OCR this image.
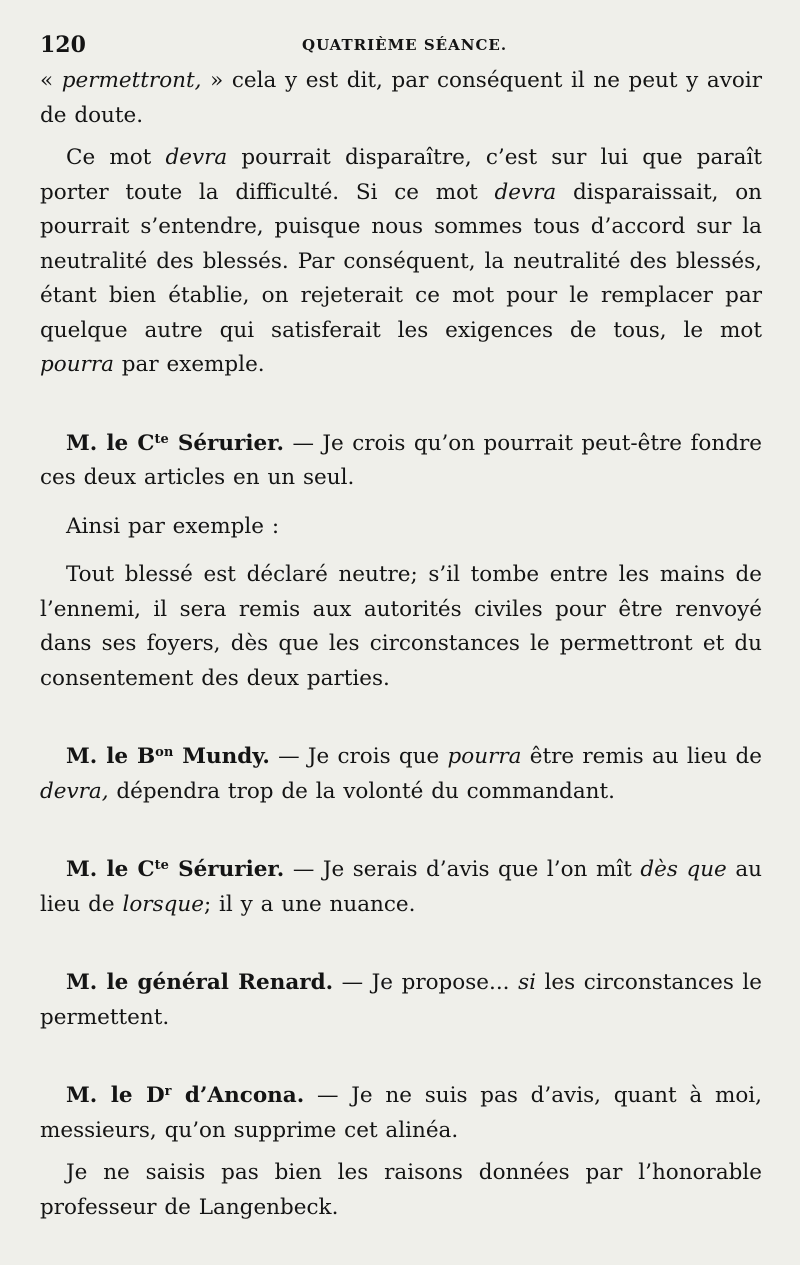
120	QUATRIÈME SÉANCE.

« permettront, » cela y est dit, par conséquent il ne peut y avoir de doute.

Ce mot devra pourrait disparaître, c’est sur lui que paraît porter toute la difficulté. Si ce mot devra disparaissait, on pourrait s’entendre, puisque nous sommes tous d’accord sur la neutralité des blessés. Par conséquent, la neutralité des blessés, étant bien établie, on rejeterait ce mot pour le remplacer par quelque autre qui satisferait les exigences de tous, le mot pourra par exemple.

M. le $C^{te}$ Sérurier. — Je crois qu’on pourrait peut-être fondre ces deux articles en un seul.

Ainsi par exemple :

Tout blessé est déclaré neutre; s’il tombe entre les mains de l’ennemi, il sera remis aux autorités civiles pour être renvoyé dans ses foyers, dès que les circonstances le permettront et du consentement des deux parties.

M. le $B^{on}$ Mundy. — Je crois que pourra être remis au lieu de devra, dépendra trop de la volonté du commandant.

M. le $C^{te}$ Sérurier. — Je serais d’avis que l’on mît dès que au lieu de lorsque; il y a une nuance.

M. le général Renard. — Je propose... si les circonstances le permettent.

M. le $D^r$ d’Ancona. — Je ne suis pas d’avis, quant à moi, messieurs, qu’on supprime cet alinéa.

Je ne saisis pas bien les raisons données par l’honorable professeur de Langenbeck.
